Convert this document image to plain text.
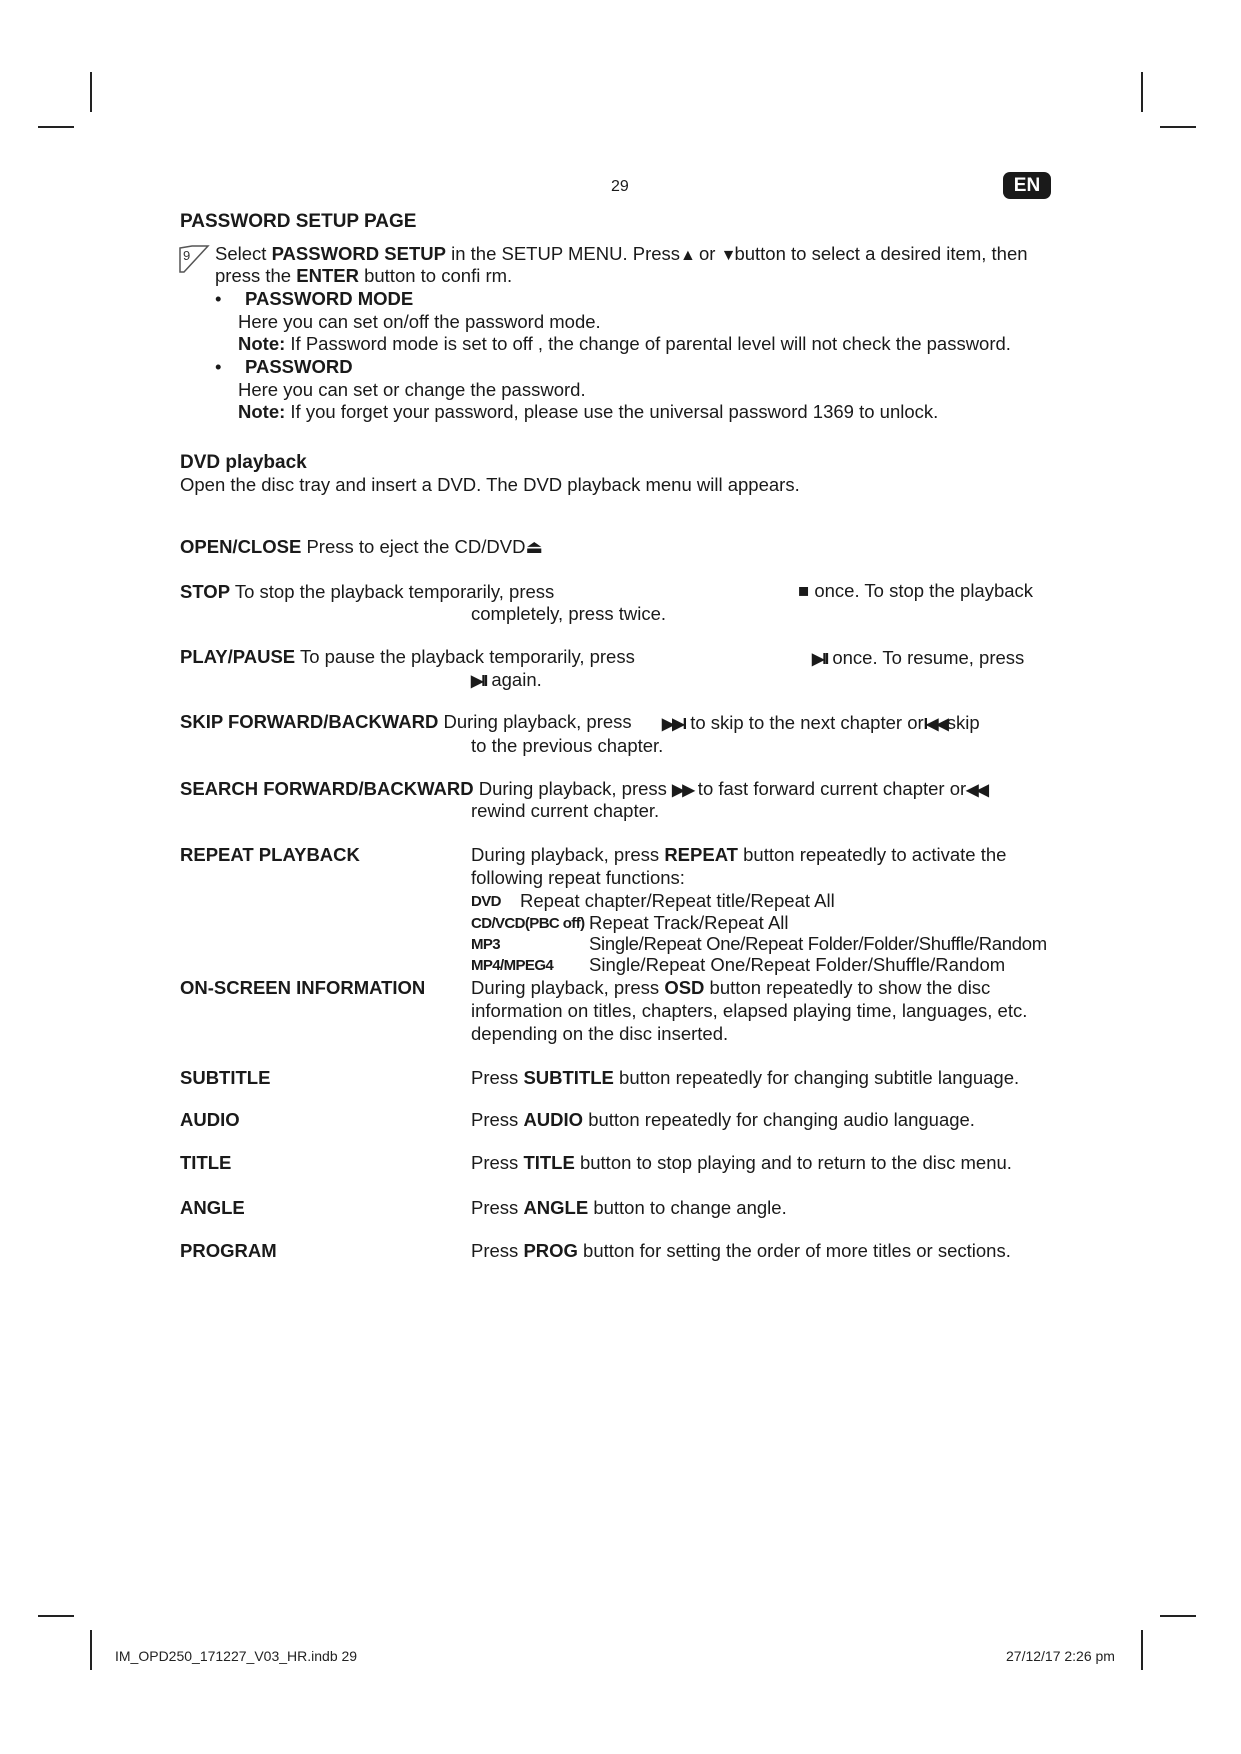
29	EN
PASSWORD SETUP PAGE
9 Select PASSWORD SETUP in the SETUP MENU. Press▲ or ▼button to select a desired item, then
press the ENTER button to confi rm.
• PASSWORD MODE
Here you can set on/off the password mode.
Note: If Password mode is set to off , the change of parental level will not check the password.
• PASSWORD
Here you can set or change the password.
Note: If you forget your password, please use the universal password 1369 to unlock.
DVD playback
Open the disc tray and insert a DVD. The DVD playback menu will appears.
OPEN/CLOSE Press to eject the CD/DVD⏏
STOP To stop the playback temporarily, press	■ once. To stop the playback
completely, press twice.
PLAY/PAUSE To pause the playback temporarily, press	▶II once. To resume, press
▶II again.
SKIP FORWARD/BACKWARD During playback, press ▶▶I to skip to the next chapter orI◀◀skip
to the previous chapter.
SEARCH FORWARD/BACKWARD During playback, press ▶▶ to fast forward current chapter or◀◀
rewind current chapter.
REPEAT PLAYBACK	During playback, press REPEAT button repeatedly to activate the
following repeat functions:
DVD Repeat chapter/Repeat title/Repeat All
CD/VCD(PBC off) Repeat Track/Repeat All
MP3	Single/Repeat One/Repeat Folder/Folder/Shuffle/Random
MP4/MPEG4 Single/Repeat One/Repeat Folder/Shuffle/Random
ON-SCREEN INFORMATION During playback, press OSD button repeatedly to show the disc
information on titles, chapters, elapsed playing time, languages, etc.
depending on the disc inserted.
SUBTITLE	Press SUBTITLE button repeatedly for changing subtitle language.
AUDIO	Press AUDIO button repeatedly for changing audio language.
TITLE	Press TITLE button to stop playing and to return to the disc menu.
ANGLE	Press ANGLE button to change angle.
PROGRAM	Press PROG button for setting the order of more titles or sections.
IM_OPD250_171227_V03_HR.indb 29	27/12/17 2:26 pm
